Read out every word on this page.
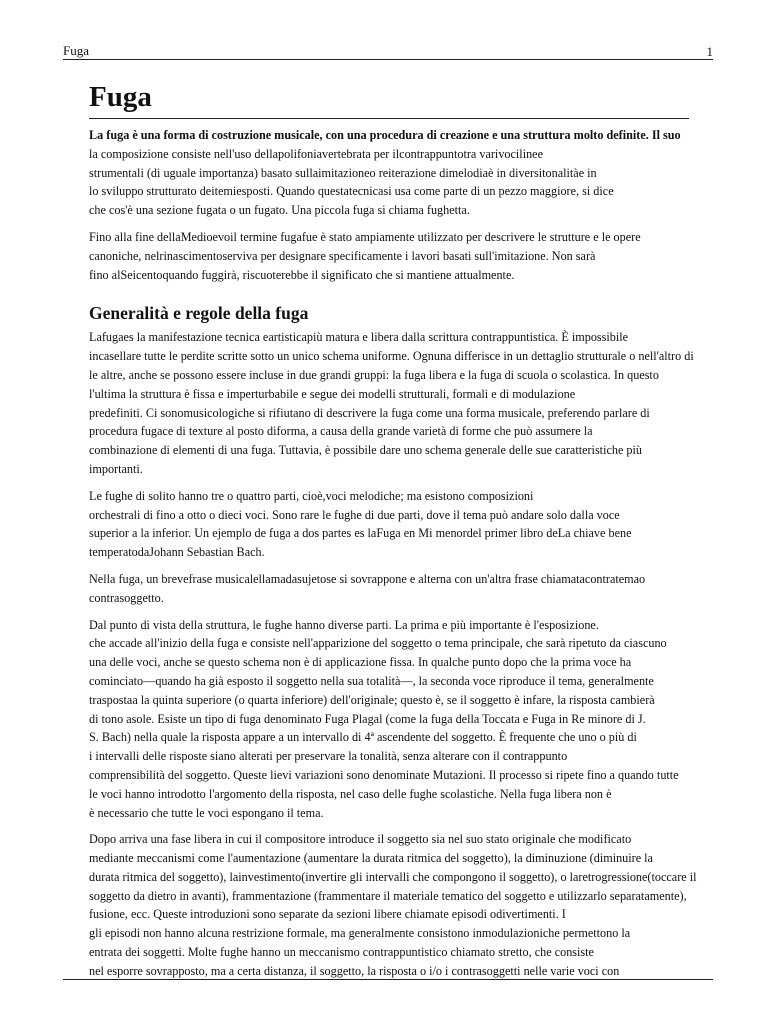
Fuga	1
Fuga

La fuga è una forma di costruzione musicale, con una procedura di creazione e una struttura molto definite. Il suo
la composizione consiste nell'uso dellapolifoniavertebrata per ilcontrappuntotra varivocilinee
strumentali (di uguale importanza) basato sullaimitazioneo reiterazione dimelodiaè in diversitonalitàe in
lo sviluppo strutturato deitemiesposti. Quando questatecnicasi usa come parte di un pezzo maggiore, si dice
che cos'è una sezione fugata o un fugato. Una piccola fuga si chiama fughetta.

Fino alla fine dellaMedioevoil termine fugafue è stato ampiamente utilizzato per descrivere le strutture e le opere
canoniche, nelrinascimentoserviva per designare specificamente i lavori basati sull'imitazione. Non sarà
fino alSeicentoquando fuggirà, riscuoterebbe il significato che si mantiene attualmente.

Generalità e regole della fuga

Lafugaes la manifestazione tecnica eartisticapiù matura e libera dalla scrittura contrappuntistica. È impossibile
incasellare tutte le perdite scritte sotto un unico schema uniforme. Ognuna differisce in un dettaglio strutturale o nell'altro di
le altre, anche se possono essere incluse in due grandi gruppi: la fuga libera e la fuga di scuola o scolastica. In questo
l'ultima la struttura è fissa e imperturbabile e segue dei modelli strutturali, formali e di modulazione
predefiniti. Ci sonomusicologiche si rifiutano di descrivere la fuga come una forma musicale, preferendo parlare di
procedura fugace di texture al posto diforma, a causa della grande varietà di forme che può assumere la
combinazione di elementi di una fuga. Tuttavia, è possibile dare uno schema generale delle sue caratteristiche più
importanti.

Le fughe di solito hanno tre o quattro parti, cioè,voci melodiche; ma esistono composizioni
orchestrali di fino a otto o dieci voci. Sono rare le fughe di due parti, dove il tema può andare solo dalla voce
superior a la inferior. Un ejemplo de fuga a dos partes es laFuga en Mi menordel primer libro deLa chiave bene
temperatodaJohann Sebastian Bach.

Nella fuga, un brevefrase musicalellamadasujetose si sovrappone e alterna con un'altra frase chiamatacontratemao
contrasoggetto.

Dal punto di vista della struttura, le fughe hanno diverse parti. La prima e più importante è l'esposizione.
che accade all'inizio della fuga e consiste nell'apparizione del soggetto o tema principale, che sarà ripetuto da ciascuno
una delle voci, anche se questo schema non è di applicazione fissa. In qualche punto dopo che la prima voce ha
cominciato—quando ha già esposto il soggetto nella sua totalità—, la seconda voce riproduce il tema, generalmente
traspostaa la quinta superiore (o quarta inferiore) dell'originale; questo è, se il soggetto è infare, la risposta cambierà
di tono asole. Esiste un tipo di fuga denominato Fuga Plagal (come la fuga della Toccata e Fuga in Re minore di J.
S. Bach) nella quale la risposta appare a un intervallo di 4ª ascendente del soggetto. È frequente che uno o più di
i intervalli delle risposte siano alterati per preservare la tonalità, senza alterare con il contrappunto
comprensibilità del soggetto. Queste lievi variazioni sono denominate Mutazioni. Il processo si ripete fino a quando tutte
le voci hanno introdotto l'argomento della risposta, nel caso delle fughe scolastiche. Nella fuga libera non è
è necessario che tutte le voci espongano il tema.

Dopo arriva una fase libera in cui il compositore introduce il soggetto sia nel suo stato originale che modificato
mediante meccanismi come l'aumentazione (aumentare la durata ritmica del soggetto), la diminuzione (diminuire la
durata ritmica del soggetto), lainvestimento(invertire gli intervalli che compongono il soggetto), o laretrogressione(toccare il
soggetto da dietro in avanti), frammentazione (frammentare il materiale tematico del soggetto e utilizzarlo separatamente),
fusione, ecc. Queste introduzioni sono separate da sezioni libere chiamate episodi odivertimenti. I
gli episodi non hanno alcuna restrizione formale, ma generalmente consistono inmodulazioniche permettono la
entrata dei soggetti. Molte fughe hanno un meccanismo contrappuntistico chiamato stretto, che consiste
nel esporre sovrapposto, ma a certa distanza, il soggetto, la risposta o i/o i contrasoggetti nelle varie voci con
